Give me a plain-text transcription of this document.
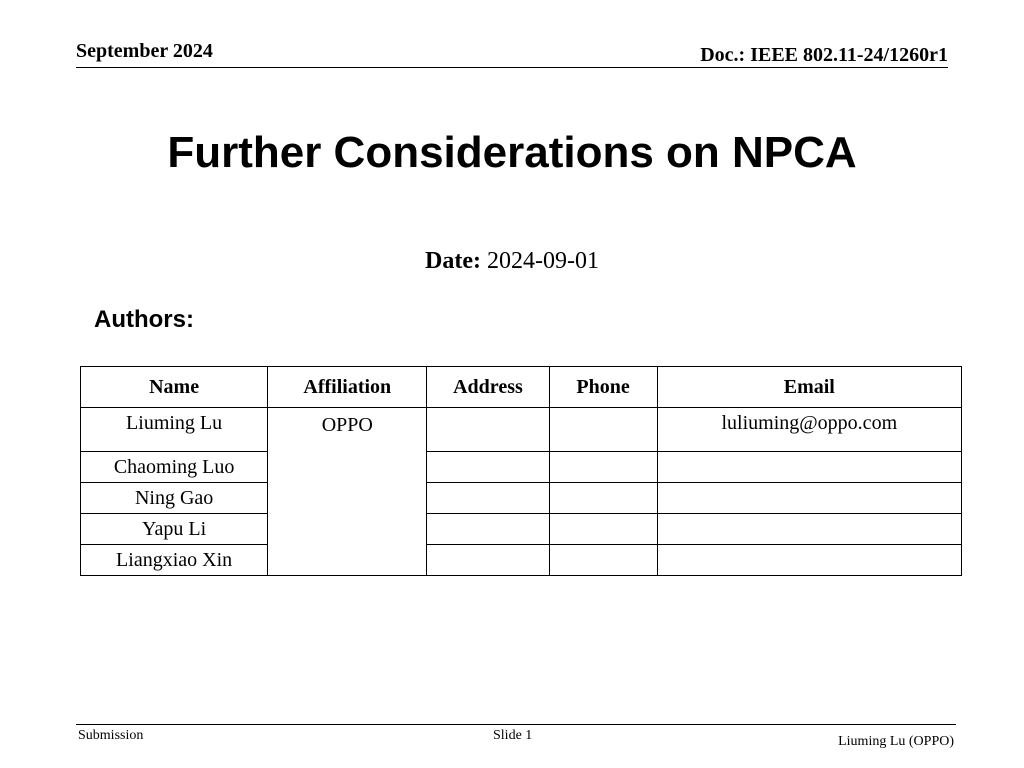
September 2024	Doc.: IEEE 802.11-24/1260r1
Further Considerations on NPCA
Date: 2024-09-01
Authors:
Name	Affiliation	Address	Phone	Email
Liuming Lu	OPPO			luliuming@oppo.com
Chaoming Luo				
Ning Gao				
Yapu Li				
Liangxiao Xin				
Submission	Slide 1	Liuming Lu (OPPO)
